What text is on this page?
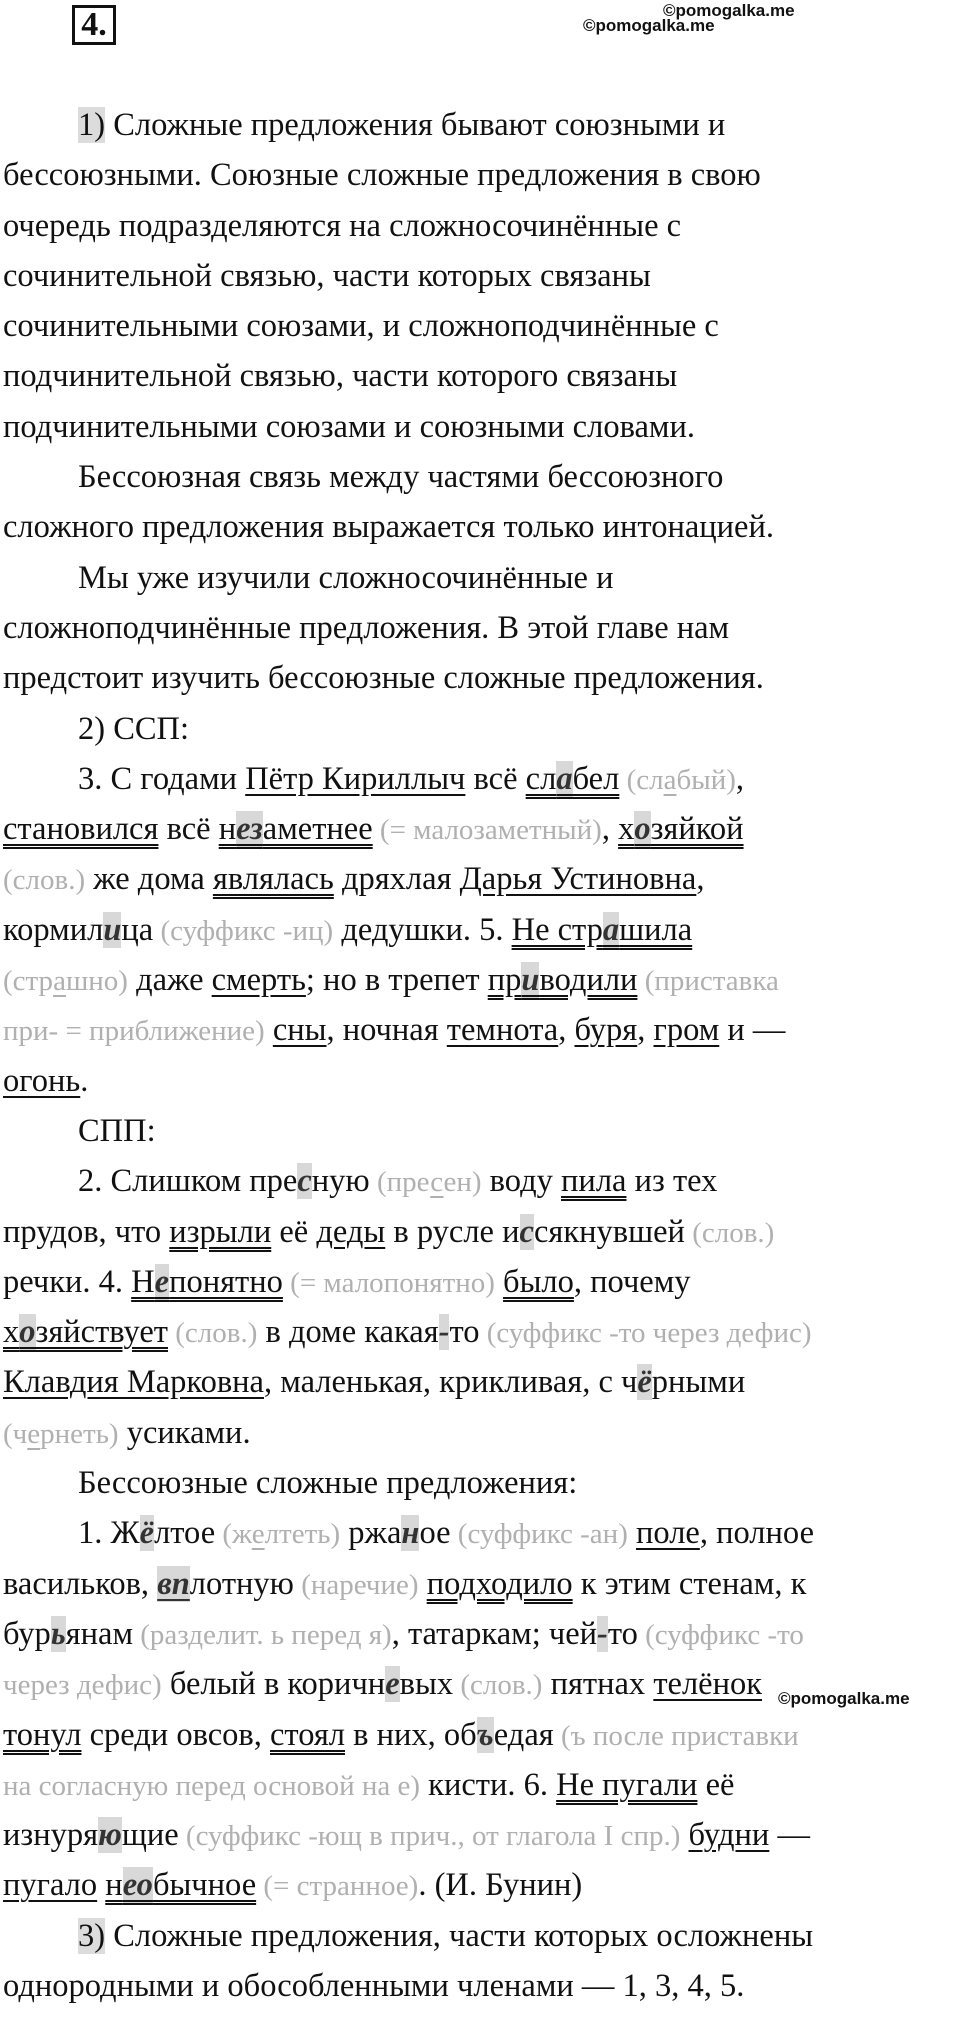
4.	©pomogalka.me
©pomogalka.me
©pomogalka.me
1) Сложные предложения бывают союзными и
бессоюзными. Союзные сложные предложения в свою
очередь подразделяются на сложносочинённые с
сочинительной связью, части которых связаны
сочинительными союзами, и сложноподчинённые с
подчинительной связью, части которого связаны
подчинительными союзами и союзными словами.
Бессоюзная связь между частями бессоюзного
сложного предложения выражается только интонацией.
Мы уже изучили сложносочинённые и
сложноподчинённые предложения. В этой главе нам
предстоит изучить бессоюзные сложные предложения.
2) ССП:
3. С годами Пётр Кириллыч всё слабел (слабый),
становился всё незаметнее (= малозаметный), хозяйкой
(слов.) же дома являлась дряхлая Дарья Устиновна,
кормилица (суффикс -иц) дедушки. 5. Не страшила
(страшно) даже смерть; но в трепет приводили (приставка
при- = приближение) сны, ночная темнота, буря, гром и —
огонь.
СПП:
2. Слишком пресную (пресен) воду пила из тех
прудов, что изрыли её деды в русле иссякнувшей (слов.)
речки. 4. Непонятно (= малопонятно) было, почему
хозяйствует (слов.) в доме какая-то (суффикс -то через дефис)
Клавдия Марковна, маленькая, крикливая, с чёрными
(чернеть) усиками.
Бессоюзные сложные предложения:
1. Жёлтое (желтеть) ржаное (суффикс -ан) поле, полное
васильков, вплотную (наречие) подходило к этим стенам, к
бурьянам (разделит. ь перед я), татаркам; чей-то (суффикс -то
через дефис) белый в коричневых (слов.) пятнах телёнок
тонул среди овсов, стоял в них, объедая (ъ после приставки
на согласную перед основой на е) кисти. 6. Не пугали её
изнуряющие (суффикс -ющ в прич., от глагола I спр.) будни —
пугало необычное (= странное). (И. Бунин)
3) Сложные предложения, части которых осложнены
однородными и обособленными членами — 1, 3, 4, 5.
